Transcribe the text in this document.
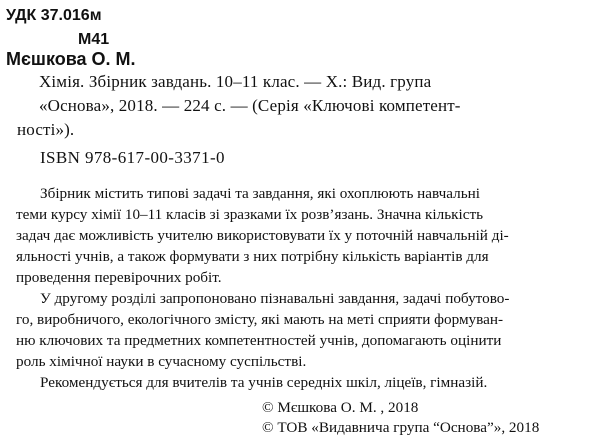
УДК 37.016м
М41
Мєшкова О. М.
Хімія. Збірник завдань. 10–11 клас. — Х.: Вид. група
«Основа», 2018. — 224 с. — (Серія «Ключові компетент-
ності»).
ISBN 978-617-00-3371-0
Збірник містить типові задачі та завдання, які охоплюють навчальні
теми курсу хімії 10–11 класів зі зразками їх розв’язань. Значна кількість
задач дає можливість учителю використовувати їх у поточній навчальній ді-
яльності учнів, а також формувати з них потрібну кількість варіантів для
проведення перевірочних робіт.
У другому розділі запропоновано пізнавальні завдання, задачі побутово-
го, виробничого, екологічного змісту, які мають на меті сприяти формуван-
ню ключових та предметних компетентностей учнів, допомагають оцінити
роль хімічної науки в сучасному суспільстві.
Рекомендується для вчителів та учнів середніх шкіл, ліцеїв, гімназій.
© Мєшкова О. М. , 2018
© ТОВ «Видавнича група “Основа”», 2018
